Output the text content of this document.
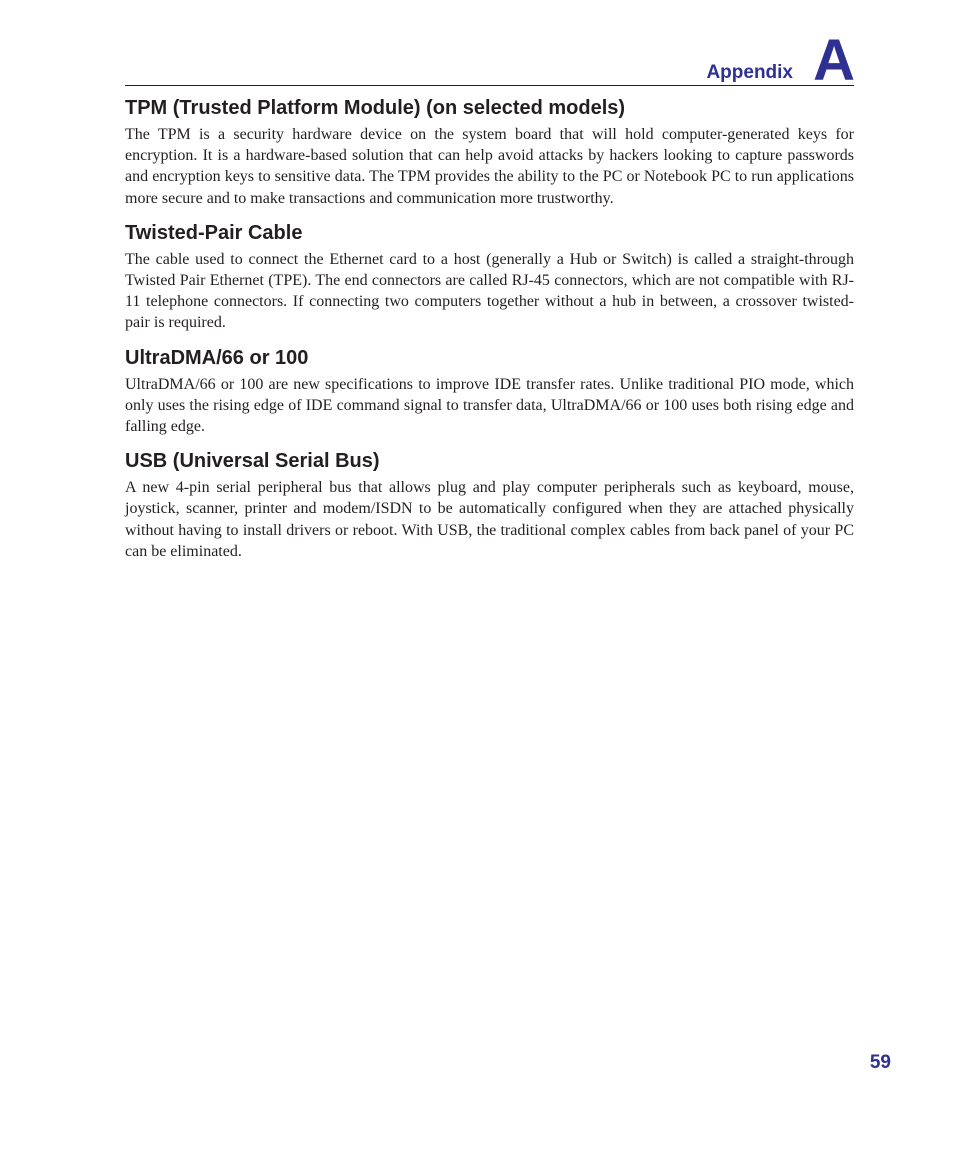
Appendix A
TPM (Trusted Platform Module) (on selected models)

The TPM is a security hardware device on the system board that will hold computer-generated keys for encryption. It is a hardware-based solution that can help avoid attacks by hackers looking to capture passwords and encryption keys to sensitive data. The TPM provides the ability to the PC or Notebook PC to run applications more secure and to make transactions and communication more trustworthy.

Twisted-Pair Cable

The cable used to connect the Ethernet card to a host (generally a Hub or Switch) is called a straight-through Twisted Pair Ethernet (TPE). The end connectors are called RJ-45 connectors, which are not compatible with RJ-11 telephone connectors. If connecting two computers together without a hub in between, a crossover twisted-pair is required.

UltraDMA/66 or 100

UltraDMA/66 or 100 are new specifications to improve IDE transfer rates. Unlike traditional PIO mode, which only uses the rising edge of IDE command signal to transfer data, UltraDMA/66 or 100 uses both rising edge and falling edge.

USB (Universal Serial Bus)

A new 4-pin serial peripheral bus that allows plug and play computer peripherals such as keyboard, mouse, joystick, scanner, printer and modem/ISDN to be automatically configured when they are attached physically without having to install drivers or reboot. With USB, the traditional complex cables from back panel of your PC can be eliminated.

59
